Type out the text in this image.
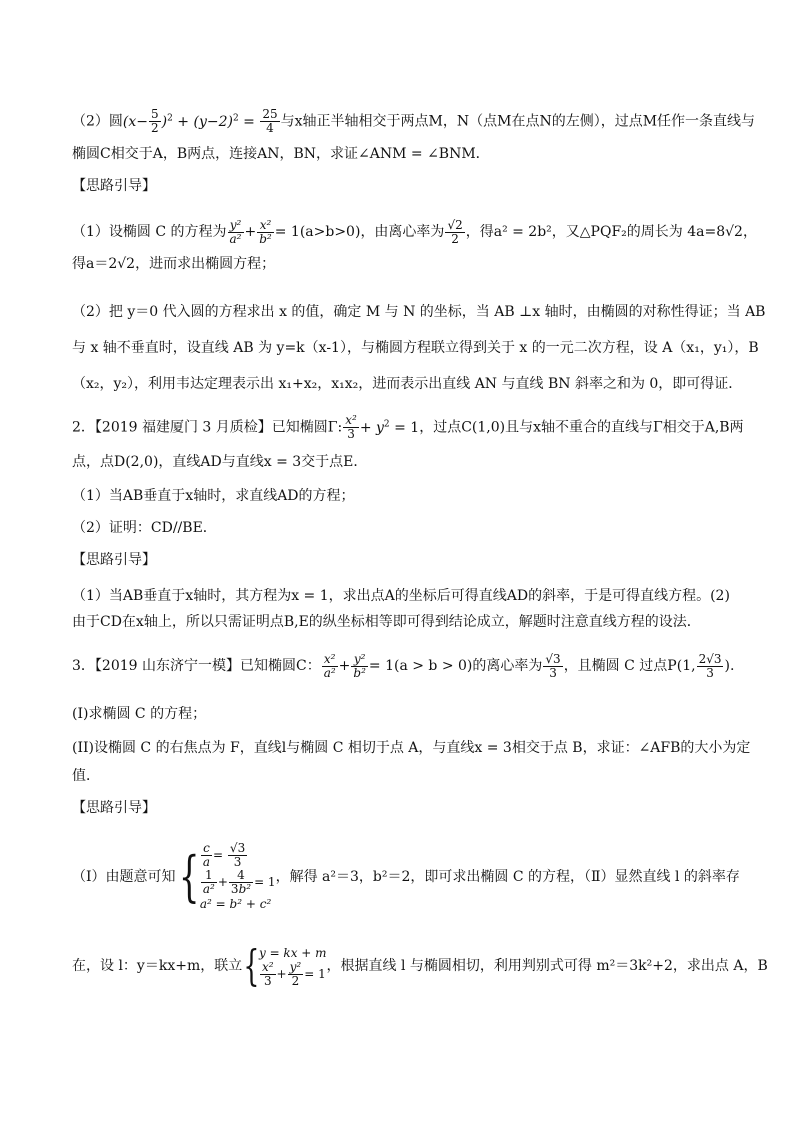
（2）圆$(x- \frac{5}{2} )^2 + (y-2)^2 = \frac{25}{4}$ 与x轴正半轴相交于两点M，N（点M在点N的左侧），过点M任作一条直线与
椭圆C相交于A，B两点，连接AN，BN，求证∠ANM = ∠BNM．
【思路引导】
（1）设椭圆 C 的方程为 $\frac{\text{y²}}{\text{a²}} + \frac{\text{x²}}{\text{b²}} = 1(a>b>0)$，由离心率为 $\frac{√2}{2}$ ，得a² = 2b²，又△PQF₂的周长为 4a=8√2，
得a＝2√2，进而求出椭圆方程；
（2）把 y＝0 代入圆的方程求出 x 的值，确定 M 与 N 的坐标，当 AB ⊥x 轴时，由椭圆的对称性得证；当 AB
与 x 轴不垂直时，设直线 AB 为 y=k（x-1），与椭圆方程联立得到关于 x 的一元二次方程，设 A（x₁，y₁），B
（x₂，y₂），利用韦达定理表示出 x₁+x₂，x₁x₂，进而表示出直线 AN 与直线 BN 斜率之和为 0，即可得证．
2．【2019 福建厦门 3 月质检】已知椭圆Γ: $\frac{\text{x²}}{3} + y^2 = 1$，过点C(1,0)且与x轴不重合的直线与Γ相交于A,B两
点，点D(2,0)，直线AD与直线x = 3交于点E．
（1）当AB垂直于x轴时，求直线AD的方程；
（2）证明：CD//BE．
【思路引导】
（1）当AB垂直于x轴时，其方程为x = 1，求出点A的坐标后可得直线AD的斜率，于是可得直线方程。(2)
由于CD在x轴上，所以只需证明点B,E的纵坐标相等即可得到结论成立，解题时注意直线方程的设法．
3．【2019 山东济宁一模】已知椭圆C： $\frac{\text{x²}}{\text{a²}} + \frac{\text{y²}}{\text{b²}} = 1(a > b > 0)$的离心率为 $\frac{√3}{3}$ ，且椭圆 C 过点P(1, $\frac{2√3}{3}$ ).
(I)求椭圆 C 的方程；
(II)设椭圆 C 的右焦点为 F，直线l与椭圆 C 相切于点 A，与直线x = 3相交于点 B，求证：∠AFB的大小为定
值．
【思路引导】
（Ⅰ）由题意可知{ $\frac{c}{a} = \frac{√3}{3}$
$\frac{1}{\text{a²}} + \frac{4}{\text{3b²}} = 1$
a² = b² + c²
，解得 a²＝3，b²＝2，即可求出椭圆 C 的方程，（Ⅱ）显然直线 l 的斜率存
在，设 l：y＝kx+m，联立{ y = kx + m
$\frac{\text{x²}}{3} + \frac{\text{y²}}{2} = 1$ ，根据直线 l 与椭圆相切，利用判别式可得 m²＝3k²+2，求出点 A，B
